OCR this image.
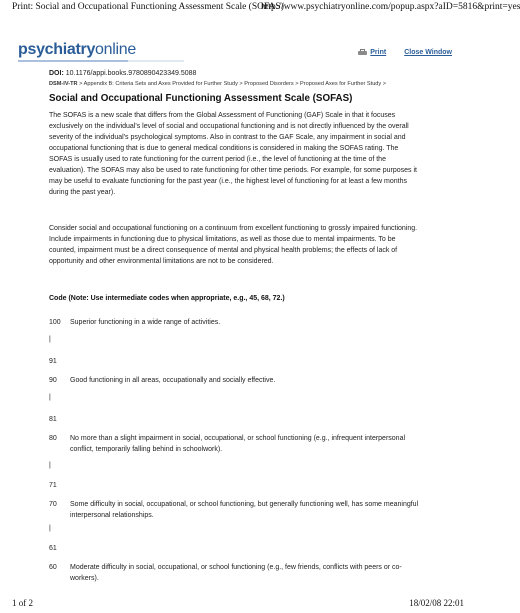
Print: Social and Occupational Functioning Assessment Scale (SOFAS)
http://www.psychiatryonline.com/popup.aspx?aID=5816&print=yes
psychiatryonline	Print	Close Window
DOI: 10.1176/appi.books.9780890423349.5088
DSM-IV-TR > Appendix B: Criteria Sets and Axes Provided for Further Study > Proposed Disorders > Proposed Axes for Further Study >
Social and Occupational Functioning Assessment Scale (SOFAS)
The SOFAS is a new scale that differs from the Global Assessment of Functioning (GAF) Scale in that it focuses exclusively on the individual's level of social and occupational functioning and is not directly influenced by the overall severity of the individual's psychological symptoms. Also in contrast to the GAF Scale, any impairment in social and occupational functioning that is due to general medical conditions is considered in making the SOFAS rating. The SOFAS is usually used to rate functioning for the current period (i.e., the level of functioning at the time of the evaluation). The SOFAS may also be used to rate functioning for other time periods. For example, for some purposes it may be useful to evaluate functioning for the past year (i.e., the highest level of functioning for at least a few months during the past year).
Consider social and occupational functioning on a continuum from excellent functioning to grossly impaired functioning. Include impairments in functioning due to physical limitations, as well as those due to mental impairments. To be counted, impairment must be a direct consequence of mental and physical health problems; the effects of lack of opportunity and other environmental limitations are not to be considered.
Code (Note: Use intermediate codes when appropriate, e.g., 45, 68, 72.)
100 Superior functioning in a wide range of activities.
|
91
90 Good functioning in all areas, occupationally and socially effective.
|
81
80 No more than a slight impairment in social, occupational, or school functioning (e.g., infrequent interpersonal conflict, temporarily falling behind in schoolwork).
|
71
70 Some difficulty in social, occupational, or school functioning, but generally functioning well, has some meaningful interpersonal relationships.
|
61
60 Moderate difficulty in social, occupational, or school functioning (e.g., few friends, conflicts with peers or co-workers).
1 of 2	18/02/08 22:01
